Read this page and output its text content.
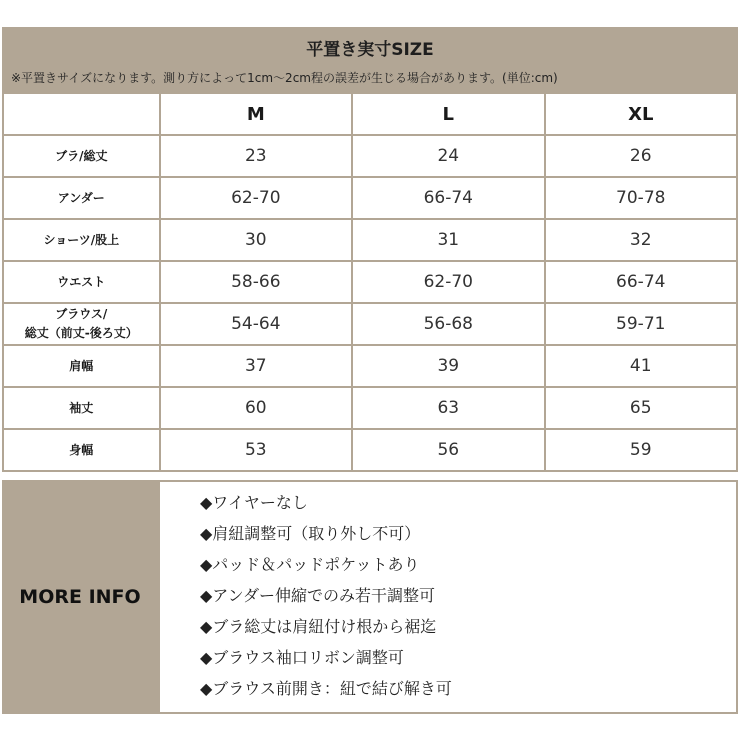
平置き実寸SIZE
※平置きサイズになります。測り方によって1cm～2cm程の誤差が生じる場合があります。(単位:cm)
M	L	XL
ブラ/総丈	23	24	26
アンダー	62-70	66-74	70-78
ショーツ/股上	30	31	32
ウエスト	58-66	62-70	66-74
ブラウス/
総丈（前丈-後ろ丈）	54-64	56-68	59-71
肩幅	37	39	41
袖丈	60	63	65
身幅	53	56	59
MORE INFO
◆ワイヤーなし
◆肩紐調整可（取り外し不可）
◆パッド＆パッドポケットあり
◆アンダー伸縮でのみ若干調整可
◆ブラ総丈は肩紐付け根から裾迄
◆ブラウス袖口リボン調整可
◆ブラウス前開き：紐で結び解き可
